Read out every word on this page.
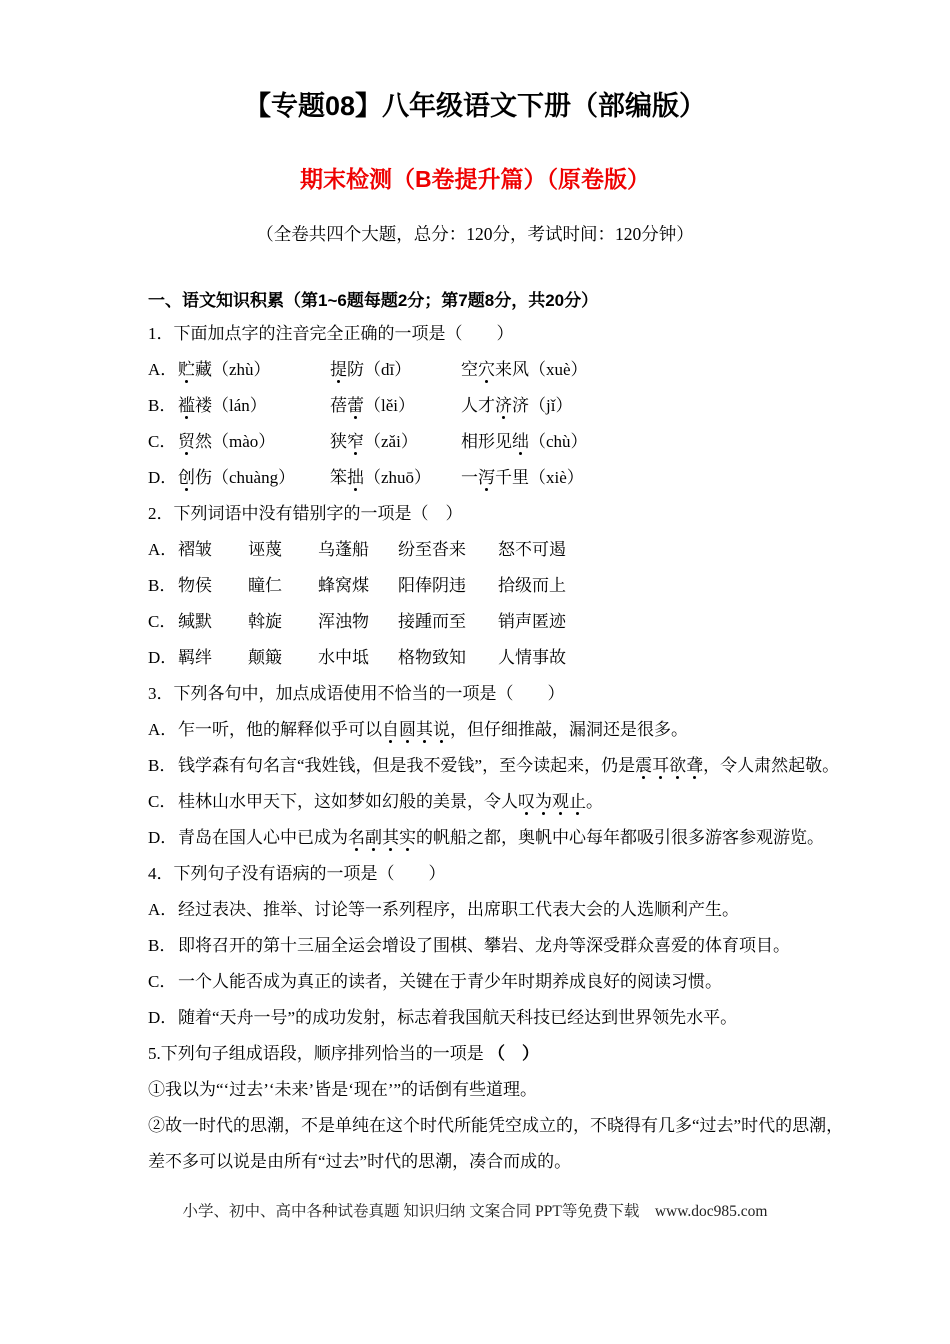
【专题08】八年级语文下册（部编版）
期末检测（B卷提升篇）（原卷版）

（全卷共四个大题，总分：120分，考试时间：120分钟）

一、语文知识积累（第1~6题每题2分；第7题8分，共20分）

1．下面加点字的注音完全正确的一项是（　　）

A．贮藏（zhù）	提防（dī）	空穴来风（xuè）

B．褴褛（lán）	蓓蕾（lěi）	人才济济（jǐ）

C．贸然（mào）	狭窄（zǎi）	相形见绌（chù）

D．创伤（chuàng） 笨拙（zhuō） 一泻千里（xiè）

2．下列词语中没有错别字的一项是（　）

A．褶皱 诬蔑 乌蓬船 纷至沓来 怒不可遏

B．物侯 瞳仁 蜂窝煤 阳俸阴违 拾级而上

C．缄默 斡旋 浑浊物 接踵而至 销声匿迹

D．羁绊 颠簸 水中坻 格物致知 人情事故

3．下列各句中，加点成语使用不恰当的一项是（　　）

A．乍一听，他的解释似乎可以自圆其说，但仔细推敲，漏洞还是很多。

B．钱学森有句名言“我姓钱，但是我不爱钱”，至今读起来，仍是震耳欲聋，令人肃然起敬。

C．桂林山水甲天下，这如梦如幻般的美景，令人叹为观止。

D．青岛在国人心中已成为名副其实的帆船之都，奥帆中心每年都吸引很多游客参观游览。

4．下列句子没有语病的一项是（　　）

A．经过表决、推举、讨论等一系列程序，出席职工代表大会的人选顺利产生。

B．即将召开的第十三届全运会增设了围棋、攀岩、龙舟等深受群众喜爱的体育项目。

C．一个人能否成为真正的读者，关键在于青少年时期养成良好的阅读习惯。

D．随着“天舟一号”的成功发射，标志着我国航天科技已经达到世界领先水平。

5.下列句子组成语段，顺序排列恰当的一项是 （　）

①我以为“‘过去’‘未来’皆是‘现在’”的话倒有些道理。

②故一时代的思潮，不是单纯在这个时代所能凭空成立的，不晓得有几多“过去”时代的思潮，差不多可以说是由所有“过去”时代的思潮，凑合而成的。

小学、初中、高中各种试卷真题 知识归纳 文案合同 PPT等免费下载　www.doc985.com
